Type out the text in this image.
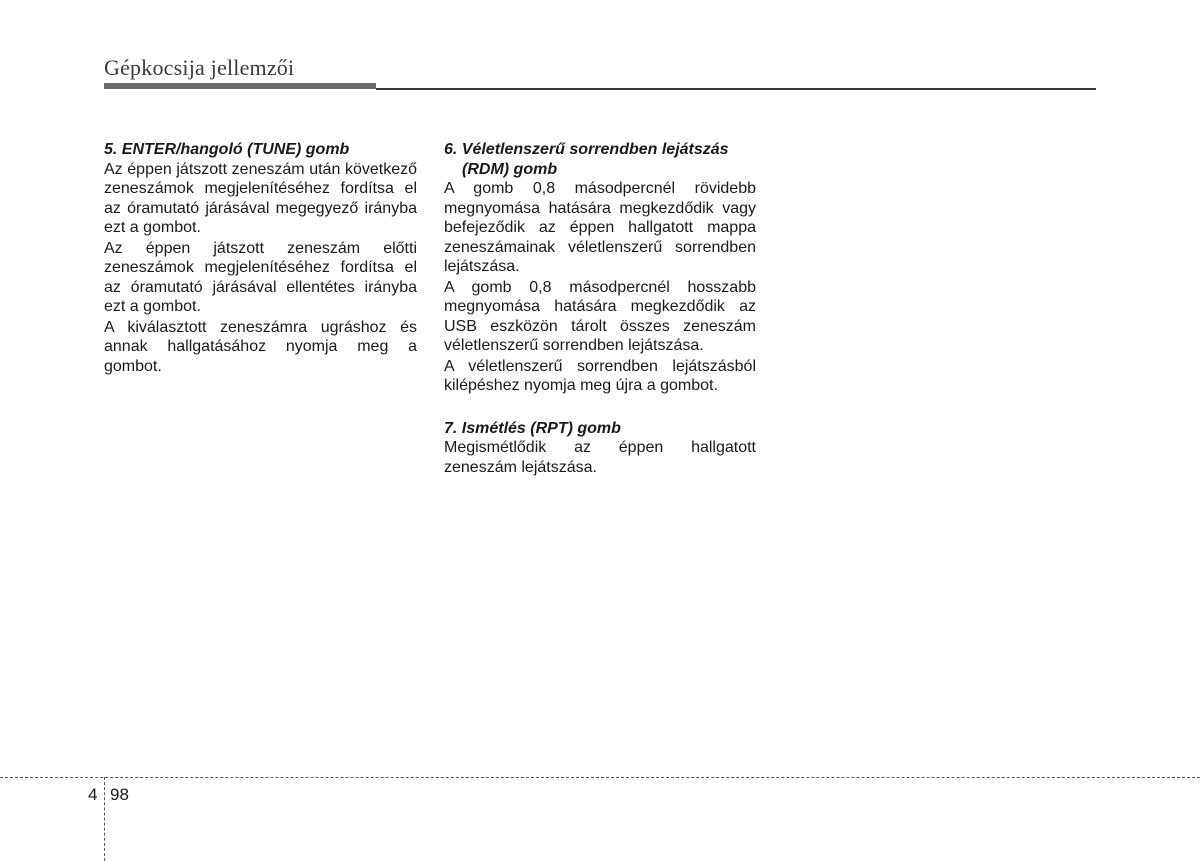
Gépkocsija jellemzői

5. ENTER/hangoló (TUNE) gomb

Az éppen játszott zeneszám után következő zeneszámok megjelenítéséhez fordítsa el az óramutató járásával megegyező irányba ezt a gombot.

Az éppen játszott zeneszám előtti zeneszámok megjelenítéséhez fordítsa el az óramutató járásával ellentétes irányba ezt a gombot.

A kiválasztott zeneszámra ugráshoz és annak hallgatásához nyomja meg a gombot.

6. Véletlenszerű sorrendben lejátszás
(RDM) gomb

A gomb 0,8 másodpercnél rövidebb megnyomása hatására megkezdődik vagy befejeződik az éppen hallgatott mappa zeneszámainak véletlenszerű sorrendben lejátszása.

A gomb 0,8 másodpercnél hosszabb megnyomása hatására megkezdődik az USB eszközön tárolt összes zeneszám véletlenszerű sorrendben lejátszása.

A véletlenszerű sorrendben lejátszásból kilépéshez nyomja meg újra a gombot.

7. Ismétlés (RPT) gomb

Megismétlődik az éppen hallgatott zeneszám lejátszása.

4 98
